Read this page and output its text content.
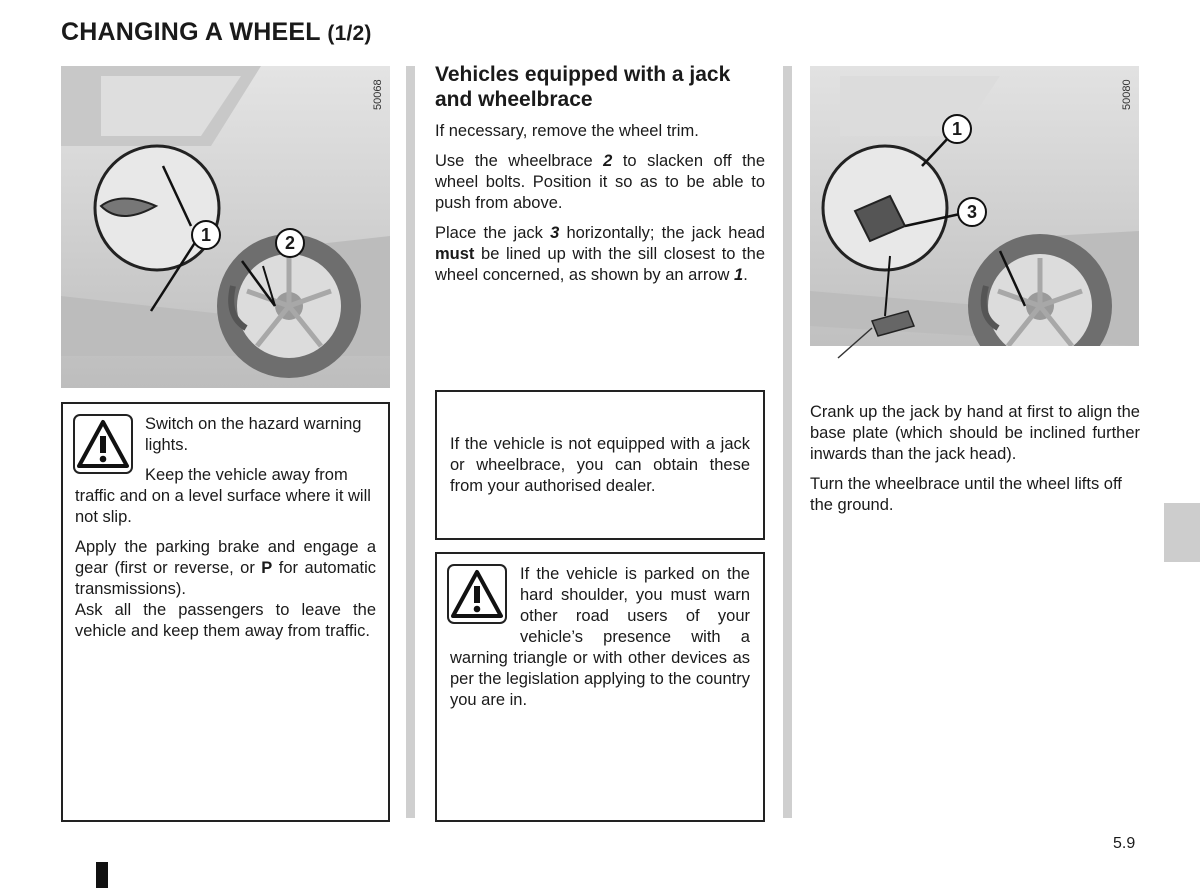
CHANGING A WHEEL (1/2)
1	2
50068

Switch on the hazard warning lights.

Keep the vehicle away from

traffic and on a level surface where it will not slip.

Apply the parking brake and engage a gear (first or reverse, or P for automatic transmissions).

Ask all the passengers to leave the vehicle and keep them away from traffic.

Vehicles equipped with a jack and wheelbrace

If necessary, remove the wheel trim.

Use the wheelbrace 2 to slacken off the wheel bolts. Position it so as to be able to push from above.

Place the jack 3 horizontally; the jack head must be lined up with the sill closest to the wheel concerned, as shown by an arrow 1.

If the vehicle is not equipped with a jack or wheelbrace, you can obtain these from your authorised dealer.

If the vehicle is parked on the hard shoulder, you must warn other road users of your vehicle’s presence with a warning triangle or with other devices as per the legislation applying to the country you are in.

1
3
50080

Crank up the jack by hand at first to align the base plate (which should be inclined further inwards than the jack head).

Turn the wheelbrace until the wheel lifts off the ground.

5.9
